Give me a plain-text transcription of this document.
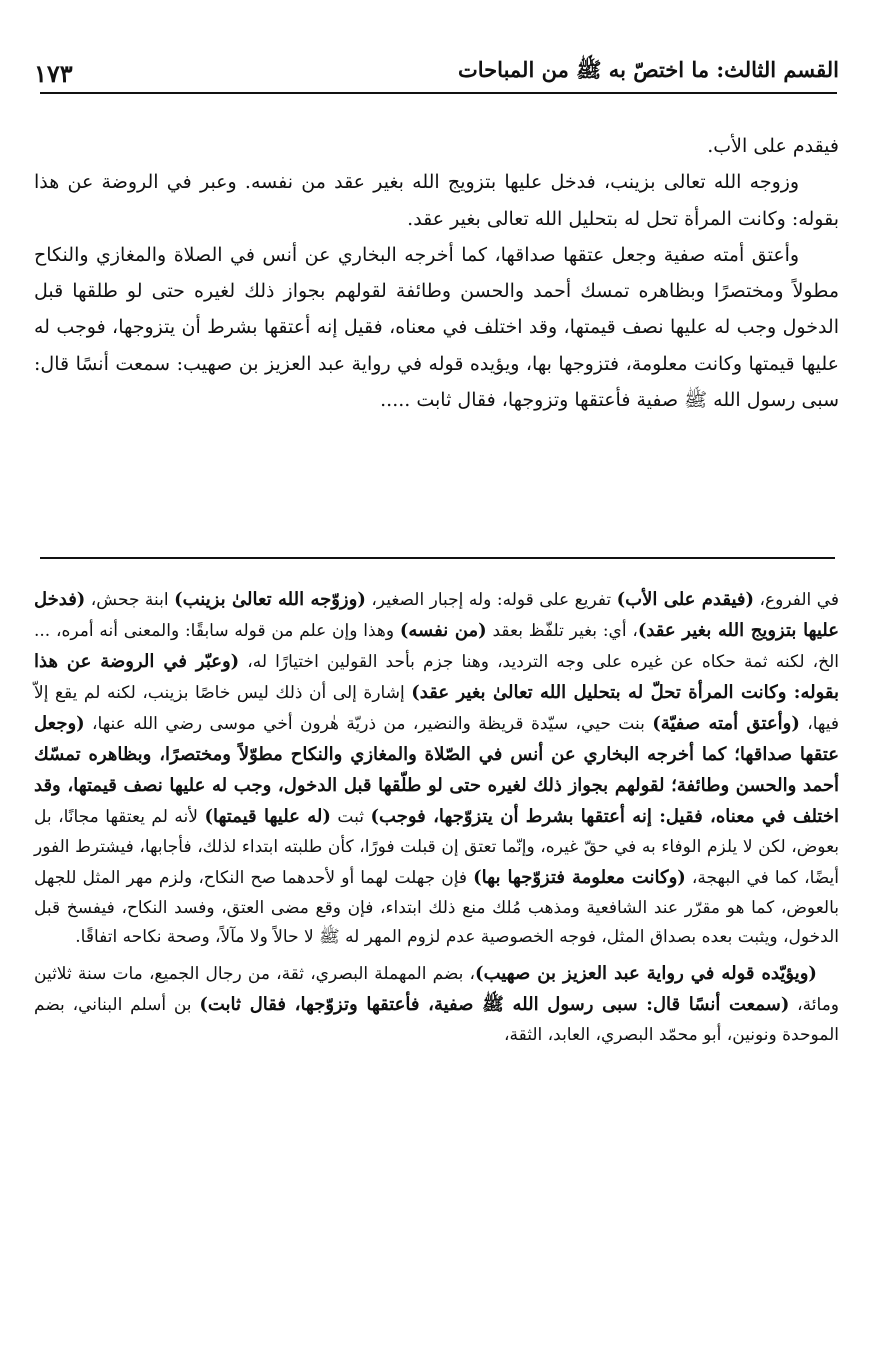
القسم الثالث: ما اختصّ به ﷺ من المباحات
١٧٣

فيقدم على الأب.

وزوجه الله تعالى بزينب، فدخل عليها بتزويج الله بغير عقد من نفسه. وعبر في الروضة عن هذا بقوله: وكانت المرأة تحل له بتحليل الله تعالى بغير عقد.

وأعتق أمته صفية وجعل عتقها صداقها، كما أخرجه البخاري عن أنس في الصلاة والمغازي والنكاح مطولاً ومختصرًا وبظاهره تمسك أحمد والحسن وطائفة لقولهم بجواز ذلك لغيره حتى لو طلقها قبل الدخول وجب له عليها نصف قيمتها، وقد اختلف في معناه، فقيل إنه أعتقها بشرط أن يتزوجها، فوجب له عليها قيمتها وكانت معلومة، فتزوجها بها، ويؤيده قوله في رواية عبد العزيز بن صهيب: سمعت أنسًا قال: سبى رسول الله ﷺ صفية فأعتقها وتزوجها، فقال ثابت .....

في الفروع، (فيقدم على الأب) تفريع على قوله: وله إجبار الصغير، (وزوّجه الله تعالىٰ بزينب) ابنة جحش، (فدخل عليها بتزويج الله بغير عقد)، أي: بغير تلفّظ بعقد (من نفسه) وهذا وإن علم من قوله سابقًا: والمعنى أنه أمره، ... الخ، لكنه ثمة حكاه عن غيره على وجه الترديد، وهنا جزم بأحد القولين اختيارًا له، (وعبّر في الروضة عن هذا بقوله: وكانت المرأة تحلّ له بتحليل الله تعالىٰ بغير عقد) إشارة إلى أن ذلك ليس خاصًا بزينب، لكنه لم يقع إلاّ فيها، (وأعتق أمته صفيّة) بنت حيي، سيّدة قريظة والنضير، من ذريّة هٰرون أخي موسى رضي الله عنها، (وجعل عتقها صداقها؛ كما أخرجه البخاري عن أنس في الصّلاة والمغازي والنكاح مطوّلاً ومختصرًا، وبظاهره تمسّك أحمد والحسن وطائفة؛ لقولهم بجواز ذلك لغيره حتى لو طلّقها قبل الدخول، وجب له عليها نصف قيمتها، وقد اختلف في معناه، فقيل: إنه أعتقها بشرط أن يتزوّجها، فوجب) ثبت (له عليها قيمتها) لأنه لم يعتقها مجانًا، بل بعوض، لكن لا يلزم الوفاء به في حقّ غيره، وإنّما تعتق إن قبلت فورًا، كأن طلبته ابتداء لذلك، فأجابها، فيشترط الفور أيضًا، كما في البهجة، (وكانت معلومة فتزوّجها بها) فإن جهلت لهما أو لأحدهما صح النكاح، ولزم مهر المثل للجهل بالعوض، كما هو مقرّر عند الشافعية ومذهب مُلك منع ذلك ابتداء، فإن وقع مضى العتق، وفسد النكاح، فيفسخ قبل الدخول، ويثبت بعده بصداق المثل، فوجه الخصوصية عدم لزوم المهر له ﷺ لا حالاً ولا مآلاً، وصحة نكاحه اتفاقًا.

(ويؤيّده قوله في رواية عبد العزيز بن صهيب)، بضم المهملة البصري، ثقة، من رجال الجميع، مات سنة ثلاثين ومائة، (سمعت أنسًا قال: سبى رسول الله ﷺ صفية، فأعتقها وتزوّجها، فقال ثابت) بن أسلم البناني، بضم الموحدة ونونين، أبو محمّد البصري، العابد، الثقة،
